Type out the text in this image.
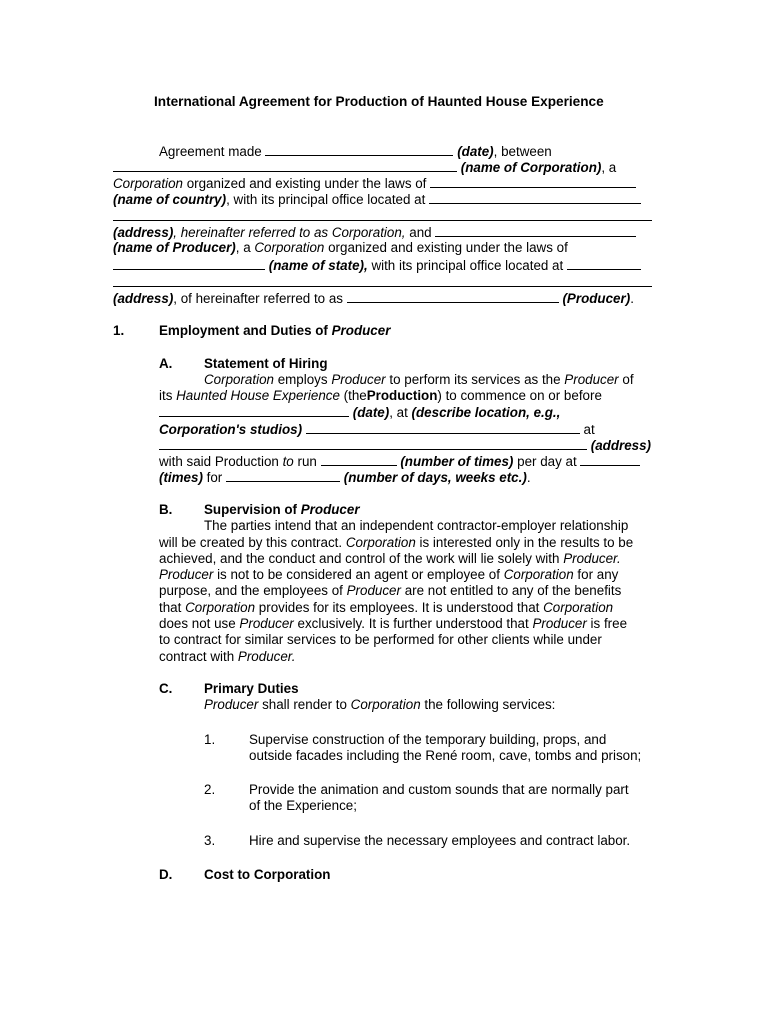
International Agreement for Production of Haunted House Experience
Agreement made	(date), between
(name of Corporation), a
Corporation organized and existing under the laws of
(name of country), with its principal office located at
(address), hereinafter referred to as Corporation, and
(name of Producer), a Corporation organized and existing under the laws of
(name of state), with its principal office located at
(address), of hereinafter referred to as	(Producer).
1.	Employment and Duties of Producer
A. Statement of Hiring
Corporation employs Producer to perform its services as the Producer of
its Haunted House Experience (theProduction) to commence on or before
(date), at (describe location, e.g.,
Corporation's studios)	at
(address)
with said Production to run	(number of times) per day at
(times) for	(number of days, weeks etc.).
B. Supervision of Producer
The parties intend that an independent contractor-employer relationship
will be created by this contract. Corporation is interested only in the results to be
achieved, and the conduct and control of the work will lie solely with Producer.
Producer is not to be considered an agent or employee of Corporation for any
purpose, and the employees of Producer are not entitled to any of the benefits
that Corporation provides for its employees. It is understood that Corporation
does not use Producer exclusively. It is further understood that Producer is free
to contract for similar services to be performed for other clients while under
contract with Producer.
C. Primary Duties
Producer shall render to Corporation the following services:
1.	Supervise construction of the temporary building, props, and
outside facades including the René room, cave, tombs and prison;
2.	Provide the animation and custom sounds that are normally part
of the Experience;
3.	Hire and supervise the necessary employees and contract labor.
D. Cost to Corporation
